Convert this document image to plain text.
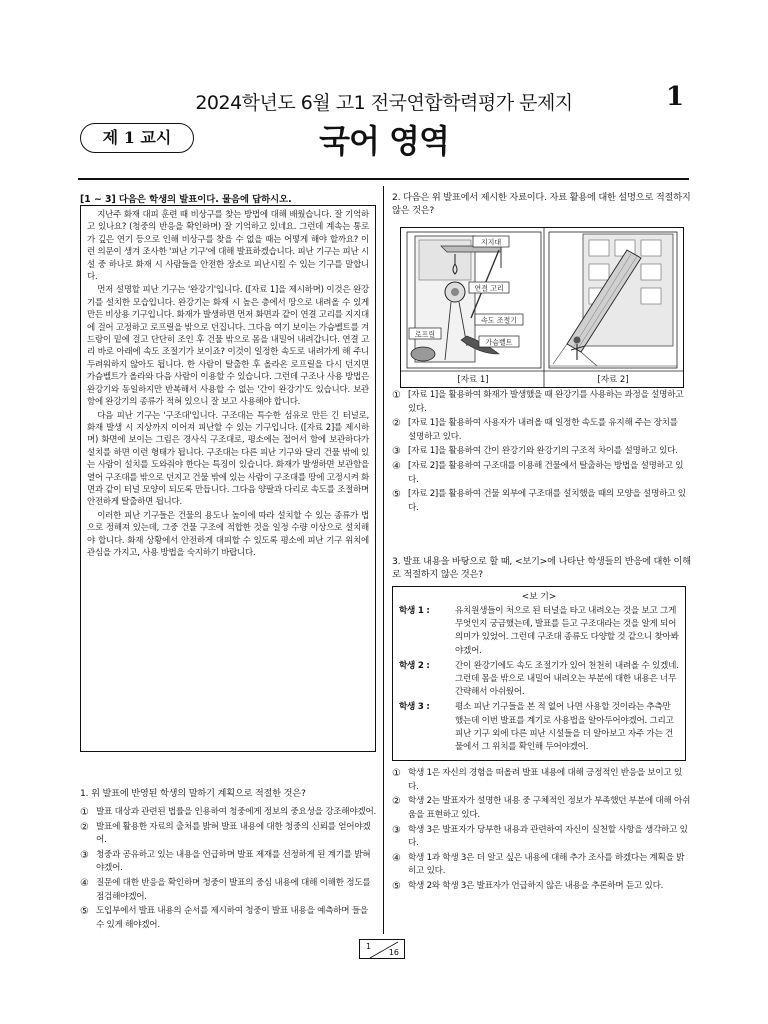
2024학년도 6월 고1 전국연합학력평가 문제지	1
제 1 교시	국어 영역
[1 ~ 3] 다음은 학생의 발표이다. 물음에 답하시오.

지난주 화재 대피 훈련 때 비상구를 찾는 방법에 대해 배웠습니다. 잘 기억하고 있나요? (청중의 반응을 확인하며) 잘 기억하고 있네요. 그런데 계속는 통로가 깊은 연기 등으로 인해 비상구를 찾을 수 없을 때는 어떻게 해야 할까요? 이런 의문이 생겨 조사한 '피난 기구'에 대해 발표하겠습니다. 피난 기구는 피난 시설 중 하나로 화재 시 사람들을 안전한 장소로 피난시킬 수 있는 기구를 말합니다.

먼저 설명할 피난 기구는 '완강기'입니다. ([자료 1]을 제시하며) 이것은 완강기를 설치한 모습입니다. 완강기는 화재 시 높은 층에서 땅으로 내려올 수 있게 만든 비상용 기구입니다. 화재가 발생하면 먼저 화면과 같이 연결 고리를 지지대에 걸어 고정하고 로프릴을 밖으로 던집니다. 그다음 여기 보이는 가슴벨트를 겨드랑이 밑에 걸고 단단히 조인 후 건물 밖으로 몸을 내밀어 내려갑니다. 연결 고리 바로 아래에 속도 조절기가 보이죠? 이것이 일정한 속도로 내려가게 해 주니 두려워하지 않아도 됩니다. 한 사람이 탈출한 후 올라온 로프릴을 다시 던지면 가슴벨트가 올라와 다음 사람이 이용할 수 있습니다. 그런데 구조나 사용 방법은 완강기와 동일하지만 반복해서 사용할 수 없는 '간이 완강기'도 있습니다. 보관함에 완강기의 종류가 적혀 있으니 잘 보고 사용해야 합니다.

다음 피난 기구는 '구조대'입니다. 구조대는 특수한 섬유로 만든 긴 터널로, 화재 발생 시 지상까지 이어져 피난할 수 있는 기구입니다. ([자료 2]를 제시하며) 화면에 보이는 그림은 경사식 구조대로, 평소에는 접어서 함에 보관하다가 설치를 하면 이런 형태가 됩니다. 구조대는 다른 피난 기구와 달리 건물 밖에 있는 사람이 설치를 도와줘야 한다는 특징이 있습니다. 화재가 발생하면 보관함을 열어 구조대를 밖으로 던지고 건물 밖에 있는 사람이 구조대를 땅에 고정시켜 화면과 같이 터널 모양이 되도록 만듭니다. 그다음 양팔과 다리로 속도를 조절하며 안전하게 탈출하면 됩니다.

이러한 피난 기구들은 건물의 용도나 높이에 따라 설치할 수 있는 종류가 법으로 정해져 있는데, 그중 건물 구조에 적합한 것을 일정 수량 이상으로 설치해야 합니다. 화재 상황에서 안전하게 대피할 수 있도록 평소에 피난 기구 위치에 관심을 가지고, 사용 방법을 숙지하기 바랍니다.

1. 위 발표에 반영된 학생의 말하기 계획으로 적절한 것은?
① 발표 대상과 관련된 법률을 인용하여 청중에게 정보의 중요성을 강조해야겠어.
② 발표에 활용한 자료의 출처를 밝혀 발표 내용에 대한 청중의 신뢰를 얻어야겠어.
③ 청중과 공유하고 있는 내용을 언급하며 발표 제재를 선정하게 된 계기를 밝혀야겠어.
④ 질문에 대한 반응을 확인하며 청중이 발표의 중심 내용에 대해 이해한 정도를 점검해야겠어.
⑤ 도입부에서 발표 내용의 순서를 제시하여 청중이 발표 내용을 예측하며 들을 수 있게 해야겠어.
2. 다음은 위 발표에서 제시한 자료이다. 자료 활용에 대한 설명으로 적절하지 않은 것은?
① [자료 1]을 활용하여 화재가 발생했을 때 완강기를 사용하는 과정을 설명하고 있다.
② [자료 1]을 활용하여 사용자가 내려올 때 일정한 속도를 유지해 주는 장치를 설명하고 있다.
③ [자료 1]을 활용하여 간이 완강기와 완강기의 구조적 차이를 설명하고 있다.
④ [자료 2]를 활용하여 구조대를 이용해 건물에서 탈출하는 방법을 설명하고 있다.
⑤ [자료 2]를 활용하여 건물 외부에 구조대를 설치했을 때의 모양을 설명하고 있다.
지지대
연결 고리
속도 조절기
로프릴
가슴벨트
[자료 1]	[자료 2]
3. 발표 내용을 바탕으로 할 때, <보기>에 나타난 학생들의 반응에 대한 이해로 적절하지 않은 것은?
<보 기>
학생 1 :	유치원생들이 처으로 된 터널을 타고 내려오는 것을 보고 그게 무엇인지 궁금했는데, 발표를 듣고 구조대라는 것을 알게 되어 의미가 있었어. 그런데 구조대 종류도 다양할 것 같으니 찾아봐야겠어.
학생 2 :	간이 완강기에도 속도 조절기가 있어 천천히 내려올 수 있겠네. 그런데 몸을 밖으로 내밀어 내려오는 부분에 대한 내용은 너무 간략해서 아쉬웠어.
학생 3 :	평소 피난 기구들을 본 적 없어 나면 사용할 것이라는 추측만 했는데 이번 발표를 계기로 사용법을 알아두어야겠어. 그리고 피난 기구 외에 다른 피난 시설들을 더 알아보고 자주 가는 건물에서 그 위치를 확인해 두어야겠어.
① 학생 1은 자신의 경험을 떠올려 발표 내용에 대해 긍정적인 반응을 보이고 있다.
② 학생 2는 발표자가 설명한 내용 중 구체적인 정보가 부족했던 부분에 대해 아쉬움을 표현하고 있다.
③ 학생 3은 발표자가 당부한 내용과 관련하여 자신이 실천할 사항을 생각하고 있다.
④ 학생 1과 학생 3은 더 알고 싶은 내용에 대해 추가 조사를 하겠다는 계획을 밝히고 있다.
⑤ 학생 2와 학생 3은 발표자가 언급하지 않은 내용을 추론하며 듣고 있다.
1
16
